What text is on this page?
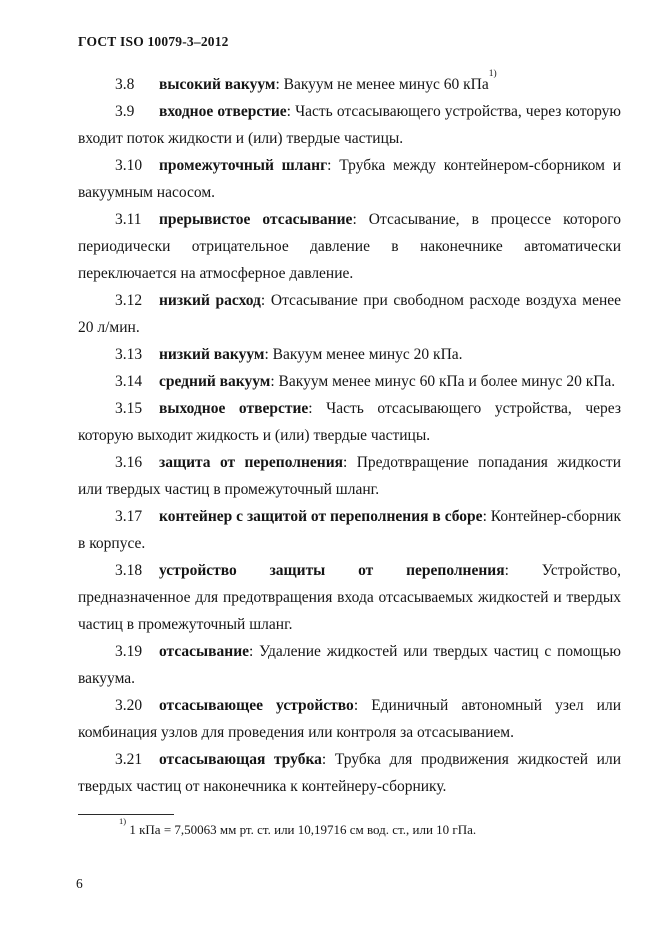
ГОСТ ISO 10079-3–2012

3.8 высокий вакуум: Вакуум не менее минус 60 кПа$^{1)}$

3.9 входное отверстие: Часть отсасывающего устройства, через которую входит поток жидкости и (или) твердые частицы.

3.10 промежуточный шланг: Трубка между контейнером-сборником и вакуумным насосом.

3.11 прерывистое отсасывание: Отсасывание, в процессе которого периодически отрицательное давление в наконечнике автоматически переключается на атмосферное давление.

3.12 низкий расход: Отсасывание при свободном расходе воздуха менее 20 л/мин.

3.13 низкий вакуум: Вакуум менее минус 20 кПа.

3.14 средний вакуум: Вакуум менее минус 60 кПа и более минус 20 кПа.

3.15 выходное отверстие: Часть отсасывающего устройства, через которую выходит жидкость и (или) твердые частицы.

3.16 защита от переполнения: Предотвращение попадания жидкости или твердых частиц в промежуточный шланг.

3.17 контейнер с защитой от переполнения в сборе: Контейнер-сборник в корпусе.

3.18 устройство защиты от переполнения: Устройство, предназначенное для предотвращения входа отсасываемых жидкостей и твердых частиц в промежуточный шланг.

3.19 отсасывание: Удаление жидкостей или твердых частиц с помощью вакуума.

3.20 отсасывающее устройство: Единичный автономный узел или комбинация узлов для проведения или контроля за отсасыванием.

3.21 отсасывающая трубка: Трубка для продвижения жидкостей или твердых частиц от наконечника к контейнеру-сборнику.

$^{1)}$ 1 кПа = 7,50063 мм рт. ст. или 10,19716 см вод. ст., или 10 гПа.

6
